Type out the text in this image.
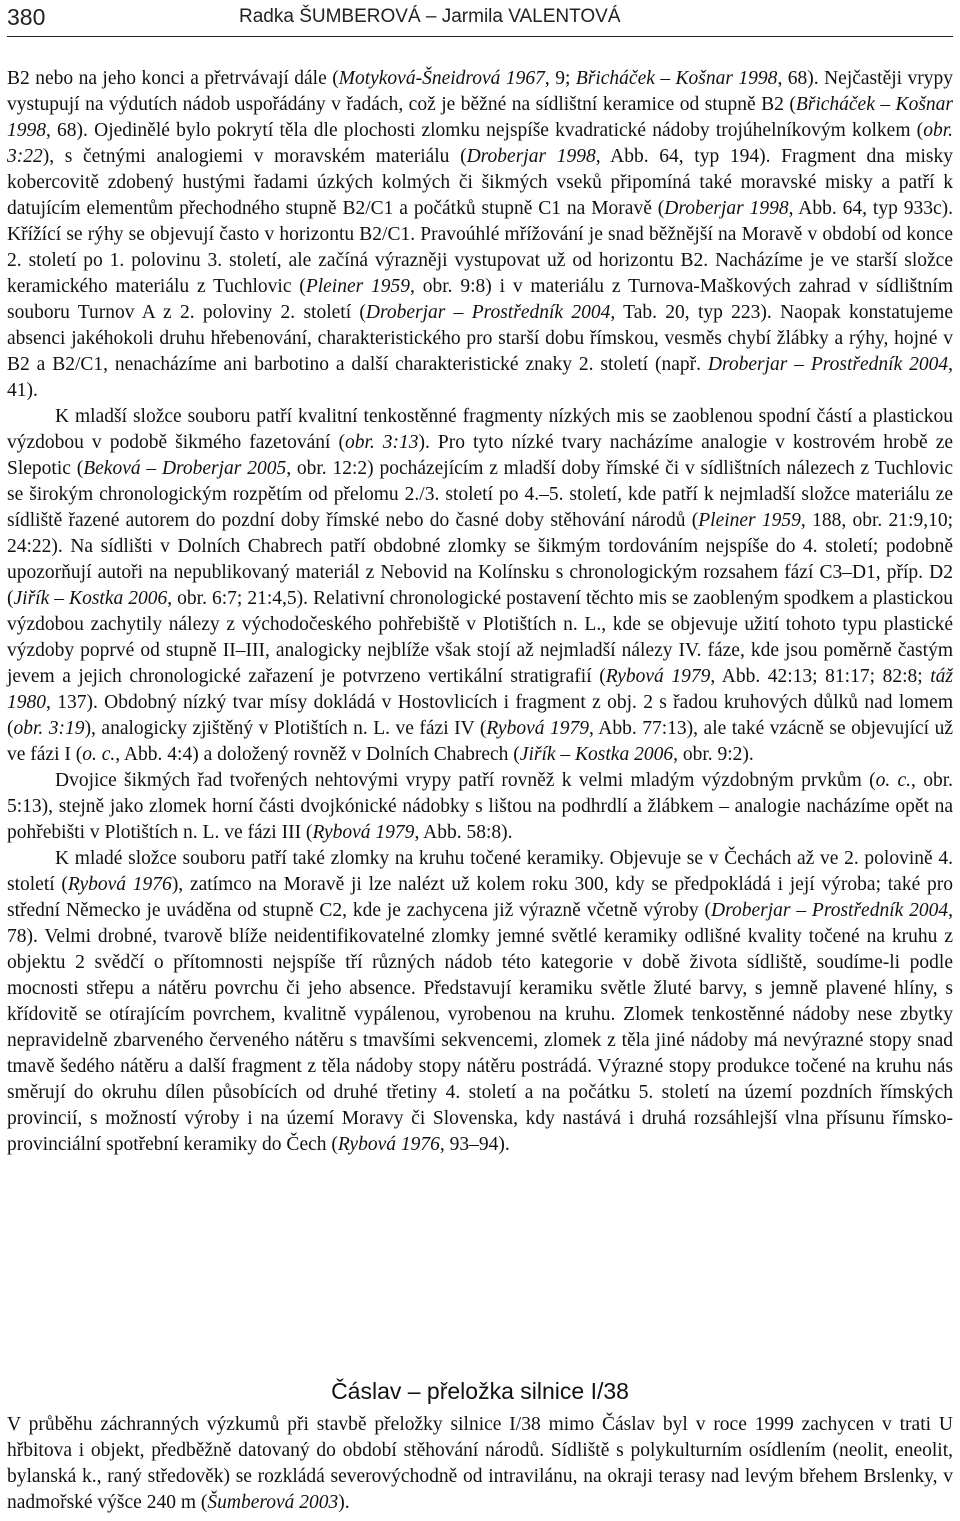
380	Radka ŠUMBEROVÁ – Jarmila VALENTOVÁ

B2 nebo na jeho konci a přetrvávají dále (Motyková-Šneidrová 1967, 9; Břicháček – Košnar 1998, 68). Nejčastěji vrypy vystupují na výdutích nádob uspořádány v řadách, což je běžné na sídlištní keramice od stupně B2 (Břicháček – Košnar 1998, 68). Ojedinělé bylo pokrytí těla dle plochosti zlomku nejspíše kvadratické nádoby trojúhelníkovým kolkem (obr. 3:22), s četnými analogiemi v moravském materiálu (Droberjar 1998, Abb. 64, typ 194). Fragment dna misky kobercovitě zdobený hustými řadami úzkých kolmých či šikmých vseků připomíná také moravské misky a patří k datujícím elementům přechodného stupně B2/C1 a počátků stupně C1 na Moravě (Droberjar 1998, Abb. 64, typ 933c). Křížící se rýhy se objevují často v horizontu B2/C1. Pravoúhlé mřížování je snad běžnější na Moravě v období od konce 2. století po 1. polovinu 3. století, ale začíná výrazněji vystupovat už od horizontu B2. Nacházíme je ve starší složce keramického materiálu z Tuchlovic (Pleiner 1959, obr. 9:8) i v materiálu z Turnova-Maškových zahrad v sídlištním souboru Turnov A z 2. poloviny 2. století (Droberjar – Prostředník 2004, Tab. 20, typ 223). Naopak konstatujeme absenci jakéhokoli druhu hřebenování, charakteristického pro starší dobu římskou, vesměs chybí žlábky a rýhy, hojné v B2 a B2/C1, nenacházíme ani barbotino a další charakteristické znaky 2. století (např. Droberjar – Prostředník 2004, 41).

K mladší složce souboru patří kvalitní tenkostěnné fragmenty nízkých mis se zaoblenou spodní částí a plastickou výzdobou v podobě šikmého fazetování (obr. 3:13). Pro tyto nízké tvary nacházíme analogie v kostrovém hrobě ze Slepotic (Beková – Droberjar 2005, obr. 12:2) pocházejícím z mladší doby římské či v sídlištních nálezech z Tuchlovic se širokým chronologickým rozpětím od přelomu 2./3. století po 4.–5. století, kde patří k nejmladší složce materiálu ze sídliště řazené autorem do pozdní doby římské nebo do časné doby stěhování národů (Pleiner 1959, 188, obr. 21:9,10; 24:22). Na sídlišti v Dolních Chabrech patří obdobné zlomky se šikmým tordováním nejspíše do 4. století; podobně upozorňují autoři na nepublikovaný materiál z Nebovid na Kolínsku s chronologickým rozsahem fází C3–D1, příp. D2 (Jiřík – Kostka 2006, obr. 6:7; 21:4,5). Relativní chronologické postavení těchto mis se zaobleným spodkem a plastickou výzdobou zachytily nálezy z východočeského pohřebiště v Plotištích n. L., kde se objevuje užití tohoto typu plastické výzdoby poprvé od stupně II–III, analogicky nejblíže však stojí až nejmladší nálezy IV. fáze, kde jsou poměrně častým jevem a jejich chronologické zařazení je potvrzeno vertikální stratigrafií (Rybová 1979, Abb. 42:13; 81:17; 82:8; táž 1980, 137). Obdobný nízký tvar mísy dokládá v Hostovlicích i fragment z obj. 2 s řadou kruhových důlků nad lomem (obr. 3:19), analogicky zjištěný v Plotištích n. L. ve fázi IV (Rybová 1979, Abb. 77:13), ale také vzácně se objevující už ve fázi I (o. c., Abb. 4:4) a doložený rovněž v Dolních Chabrech (Jiřík – Kostka 2006, obr. 9:2).

Dvojice šikmých řad tvořených nehtovými vrypy patří rovněž k velmi mladým výzdobným prvkům (o. c., obr. 5:13), stejně jako zlomek horní části dvojkónické nádobky s lištou na podhrdlí a žlábkem – analogie nacházíme opět na pohřebišti v Plotištích n. L. ve fázi III (Rybová 1979, Abb. 58:8).

K mladé složce souboru patří také zlomky na kruhu točené keramiky. Objevuje se v Čechách až ve 2. polovině 4. století (Rybová 1976), zatímco na Moravě ji lze nalézt už kolem roku 300, kdy se předpokládá i její výroba; také pro střední Německo je uváděna od stupně C2, kde je zachycena již výrazně včetně výroby (Droberjar – Prostředník 2004, 78). Velmi drobné, tvarově blíže neidentifikovatelné zlomky jemné světlé keramiky odlišné kvality točené na kruhu z objektu 2 svědčí o přítomnosti nejspíše tří různých nádob této kategorie v době života sídliště, soudíme-li podle mocnosti střepu a nátěru povrchu či jeho absence. Představují keramiku světle žluté barvy, s jemně plavené hlíny, s křídovitě se otírajícím povrchem, kvalitně vypálenou, vyrobenou na kruhu. Zlomek tenkostěnné nádoby nese zbytky nepravidelně zbarveného červeného nátěru s tmavšími sekvencemi, zlomek z těla jiné nádoby má nevýrazné stopy snad tmavě šedého nátěru a další fragment z těla nádoby stopy nátěru postrádá. Výrazné stopy produkce točené na kruhu nás směrují do okruhu dílen působících od druhé třetiny 4. století a na počátku 5. století na území pozdních římských provincií, s možností výroby i na území Moravy či Slovenska, kdy nastává i druhá rozsáhlejší vlna přísunu římsko-provinciální spotřební keramiky do Čech (Rybová 1976, 93–94).

Čáslav – přeložka silnice I/38

V průběhu záchranných výzkumů při stavbě přeložky silnice I/38 mimo Čáslav byl v roce 1999 zachycen v trati U hřbitova i objekt, předběžně datovaný do období stěhování národů. Sídliště s polykulturním osídlením (neolit, eneolit, bylanská k., raný středověk) se rozkládá severovýchodně od intravilánu, na okraji terasy nad levým břehem Brslenky, v nadmořské výšce 240 m (Šumberová 2003).
